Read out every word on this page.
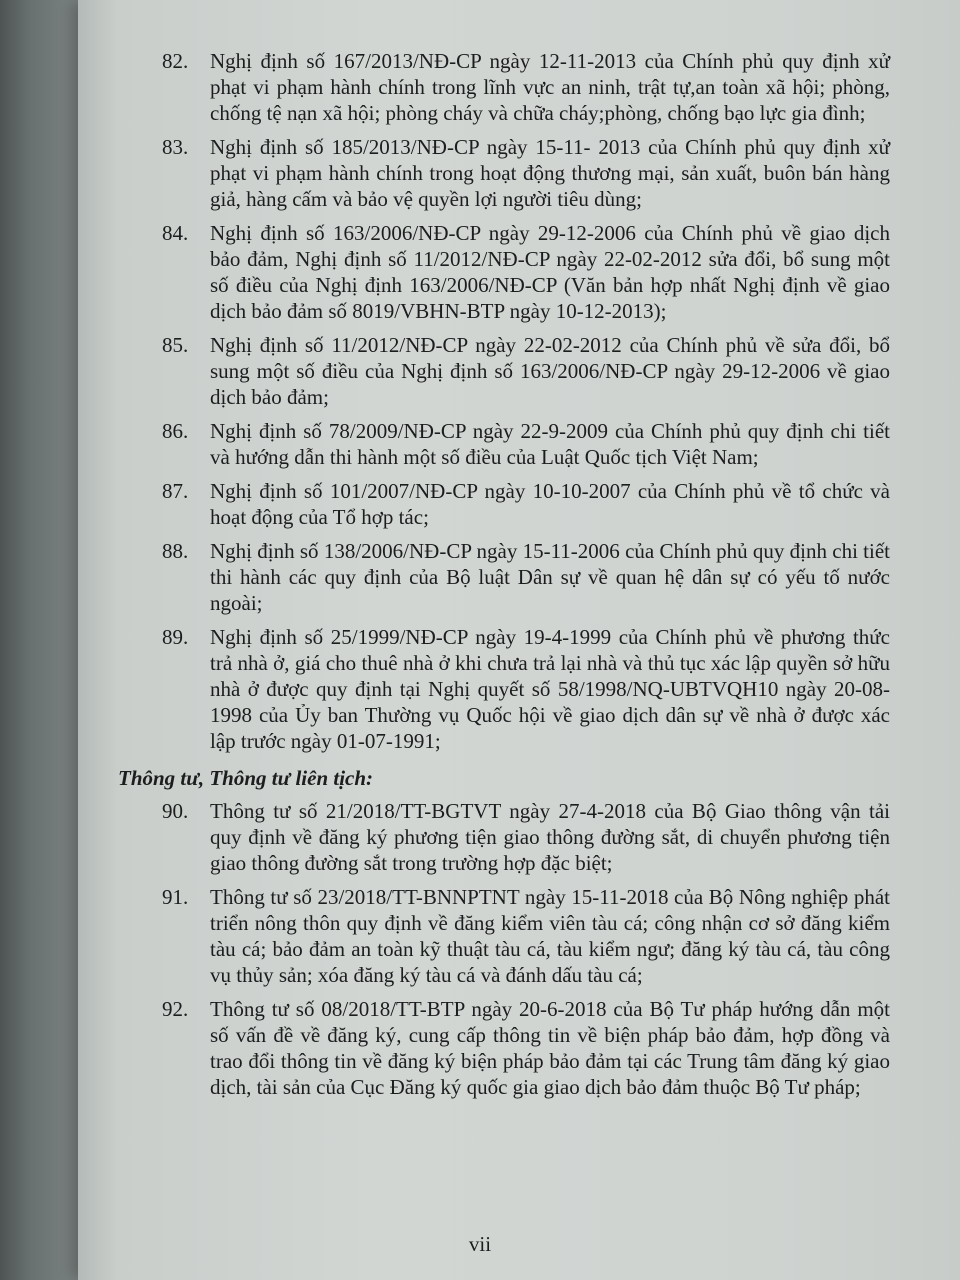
82. Nghị định số 167/2013/NĐ-CP ngày 12-11-2013 của Chính phủ quy định xử phạt vi phạm hành chính trong lĩnh vực an ninh, trật tự,an toàn xã hội; phòng, chống tệ nạn xã hội; phòng cháy và chữa cháy;phòng, chống bạo lực gia đình;
83. Nghị định số 185/2013/NĐ-CP ngày 15-11- 2013 của Chính phủ quy định xử phạt vi phạm hành chính trong hoạt động thương mại, sản xuất, buôn bán hàng giả, hàng cấm và bảo vệ quyền lợi người tiêu dùng;
84. Nghị định số 163/2006/NĐ-CP ngày 29-12-2006 của Chính phủ về giao dịch bảo đảm, Nghị định số 11/2012/NĐ-CP ngày 22-02-2012 sửa đổi, bổ sung một số điều của Nghị định 163/2006/NĐ-CP (Văn bản hợp nhất Nghị định về giao dịch bảo đảm số 8019/VBHN-BTP ngày 10-12-2013);
85. Nghị định số 11/2012/NĐ-CP ngày 22-02-2012 của Chính phủ về sửa đổi, bổ sung một số điều của Nghị định số 163/2006/NĐ-CP ngày 29-12-2006 về giao dịch bảo đảm;
86. Nghị định số 78/2009/NĐ-CP ngày 22-9-2009 của Chính phủ quy định chi tiết và hướng dẫn thi hành một số điều của Luật Quốc tịch Việt Nam;
87. Nghị định số 101/2007/NĐ-CP ngày 10-10-2007 của Chính phủ về tổ chức và hoạt động của Tổ hợp tác;
88. Nghị định số 138/2006/NĐ-CP ngày 15-11-2006 của Chính phủ quy định chi tiết thi hành các quy định của Bộ luật Dân sự về quan hệ dân sự có yếu tố nước ngoài;
89. Nghị định số 25/1999/NĐ-CP ngày 19-4-1999 của Chính phủ về phương thức trả nhà ở, giá cho thuê nhà ở khi chưa trả lại nhà và thủ tục xác lập quyền sở hữu nhà ở được quy định tại Nghị quyết số 58/1998/NQ-UBTVQH10 ngày 20-08-1998 của Ủy ban Thường vụ Quốc hội về giao dịch dân sự về nhà ở được xác lập trước ngày 01-07-1991;
Thông tư, Thông tư liên tịch:
90. Thông tư số 21/2018/TT-BGTVT ngày 27-4-2018 của Bộ Giao thông vận tải quy định về đăng ký phương tiện giao thông đường sắt, di chuyển phương tiện giao thông đường sắt trong trường hợp đặc biệt;
91. Thông tư số 23/2018/TT-BNNPTNT ngày 15-11-2018 của Bộ Nông nghiệp phát triển nông thôn quy định về đăng kiểm viên tàu cá; công nhận cơ sở đăng kiểm tàu cá; bảo đảm an toàn kỹ thuật tàu cá, tàu kiểm ngư; đăng ký tàu cá, tàu công vụ thủy sản; xóa đăng ký tàu cá và đánh dấu tàu cá;
92. Thông tư số 08/2018/TT-BTP ngày 20-6-2018 của Bộ Tư pháp hướng dẫn một số vấn đề về đăng ký, cung cấp thông tin về biện pháp bảo đảm, hợp đồng và trao đổi thông tin về đăng ký biện pháp bảo đảm tại các Trung tâm đăng ký giao dịch, tài sản của Cục Đăng ký quốc gia giao dịch bảo đảm thuộc Bộ Tư pháp;
vii
